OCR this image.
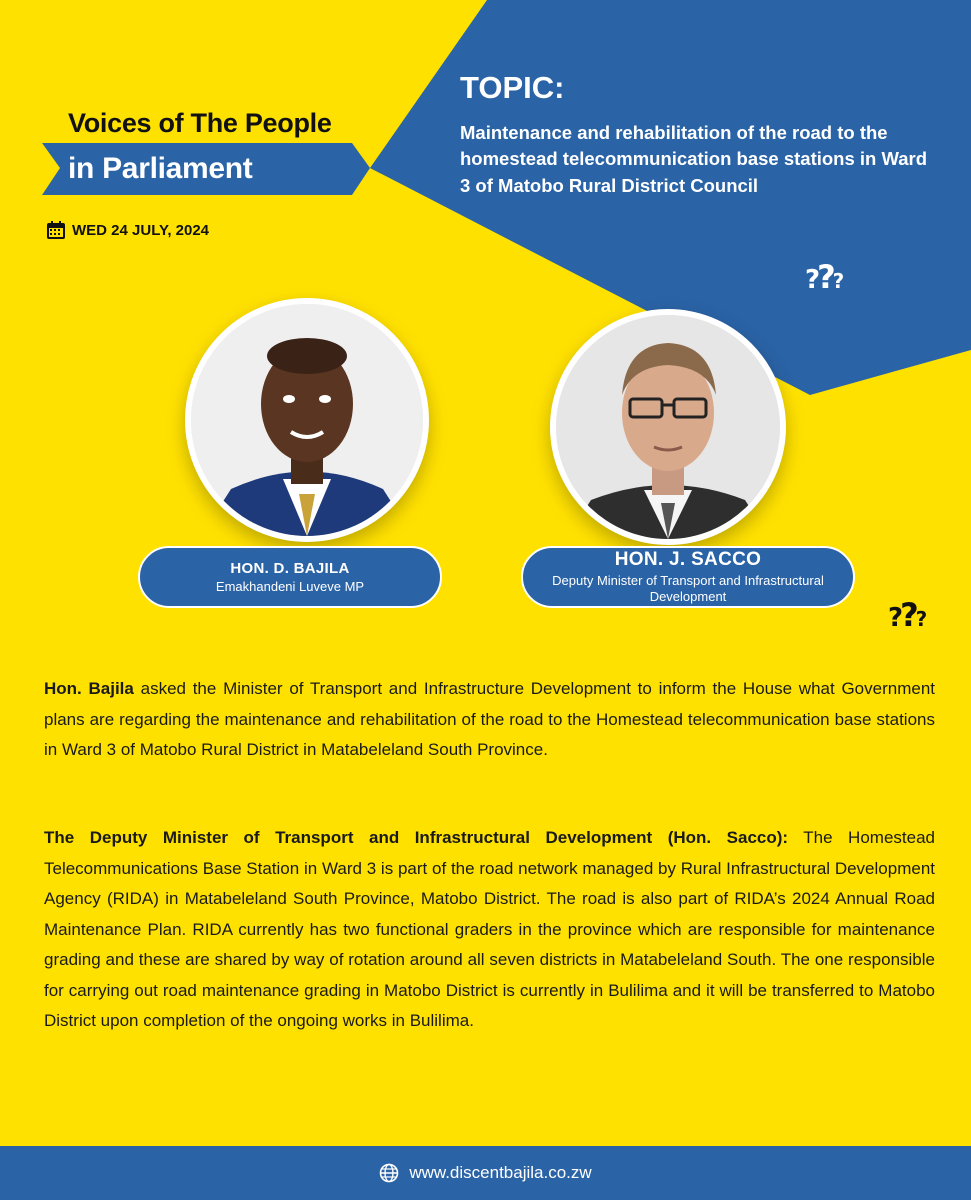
Voices of The People
in Parliament
WED 24 JULY, 2024
TOPIC:
Maintenance and rehabilitation of the road to the homestead telecommunication base stations in Ward 3 of Matobo Rural District Council
???
???
HON. D. BAJILA
Emakhandeni Luveve MP
HON. J. SACCO
Deputy Minister of Transport and Infrastructural Development

Hon. Bajila asked the Minister of Transport and Infrastructure Development to inform the House what Government plans are regarding the maintenance and rehabilitation of the road to the Homestead telecommunication base stations in Ward 3 of Matobo Rural District in Matabeleland South Province.

The Deputy Minister of Transport and Infrastructural Development (Hon. Sacco): The Homestead Telecommunications Base Station in Ward 3 is part of the road network managed by Rural Infrastructural Development Agency (RIDA) in Matabeleland South Province, Matobo District. The road is also part of RIDA’s 2024 Annual Road Maintenance Plan. RIDA currently has two functional graders in the province which are responsible for maintenance grading and these are shared by way of rotation around all seven districts in Matabeleland South. The one responsible for carrying out road maintenance grading in Matobo District is currently in Bulilima and it will be transferred to Matobo District upon completion of the ongoing works in Bulilima.

www.discentbajila.co.zw
